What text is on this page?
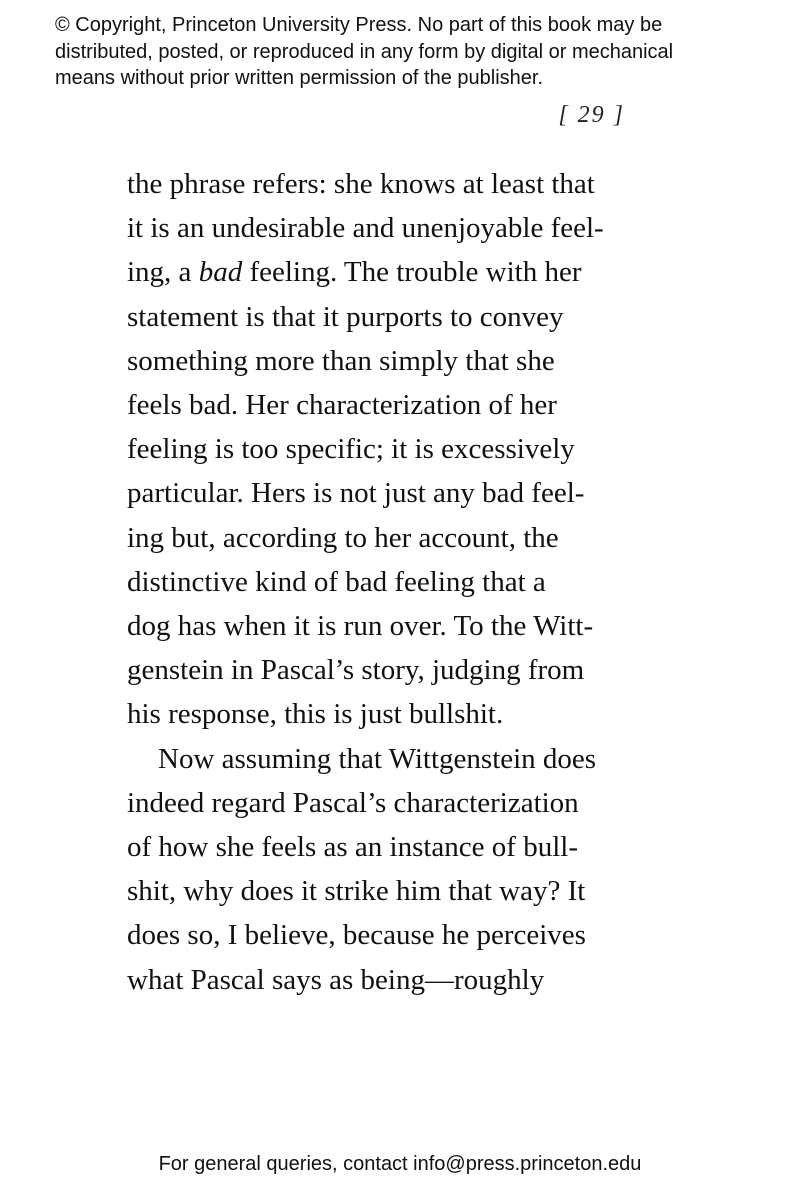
© Copyright, Princeton University Press. No part of this book may be
distributed, posted, or reproduced in any form by digital or mechanical
means without prior written permission of the publisher.
[ 29 ]
the phrase refers: she knows at least that
it is an undesirable and unenjoyable feel-
ing, a bad feeling. The trouble with her
statement is that it purports to convey
something more than simply that she
feels bad. Her characterization of her
feeling is too specific; it is excessively
particular. Hers is not just any bad feel-
ing but, according to her account, the
distinctive kind of bad feeling that a
dog has when it is run over. To the Witt-
genstein in Pascal’s story, judging from
his response, this is just bullshit.
Now assuming that Wittgenstein does
indeed regard Pascal’s characterization
of how she feels as an instance of bull-
shit, why does it strike him that way? It
does so, I believe, because he perceives
what Pascal says as being—roughly
For general queries, contact info@press.princeton.edu
